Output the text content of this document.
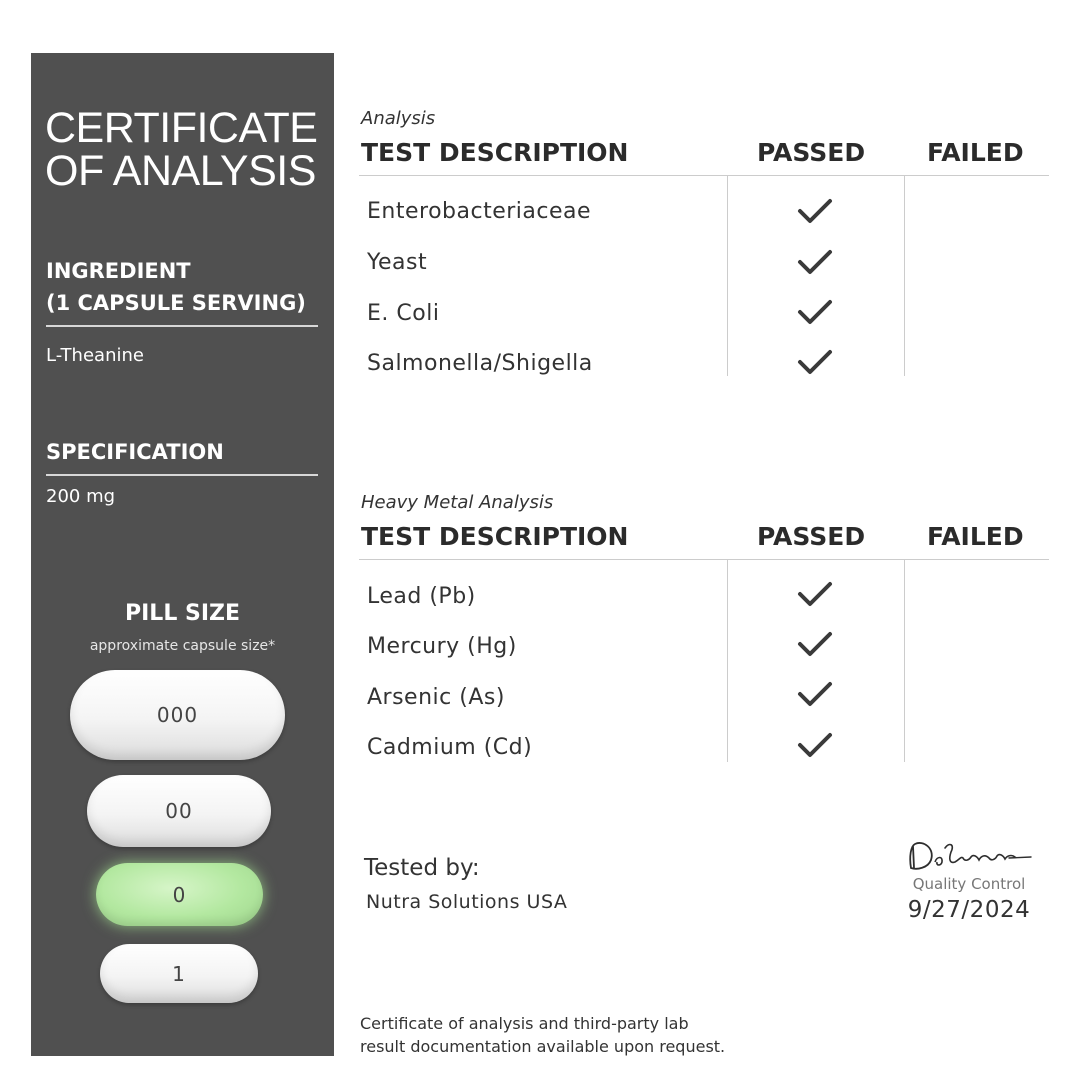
CERTIFICATE
OF ANALYSIS
INGREDIENT
(1 CAPSULE SERVING)
L-Theanine
SPECIFICATION
200 mg
PILL SIZE
approximate capsule size*
000
00
0
1
Analysis
TEST DESCRIPTION	PASSED FAILED
Enterobacteriaceae
Yeast
E. Coli
Salmonella/Shigella
Heavy Metal Analysis
TEST DESCRIPTION	PASSED FAILED
Lead (Pb)
Mercury (Hg)
Arsenic (As)
Cadmium (Cd)
Tested by:
Nutra Solutions USA
Quality Control
9/27/2024
Certificate of analysis and third-party lab
result documentation available upon request.
